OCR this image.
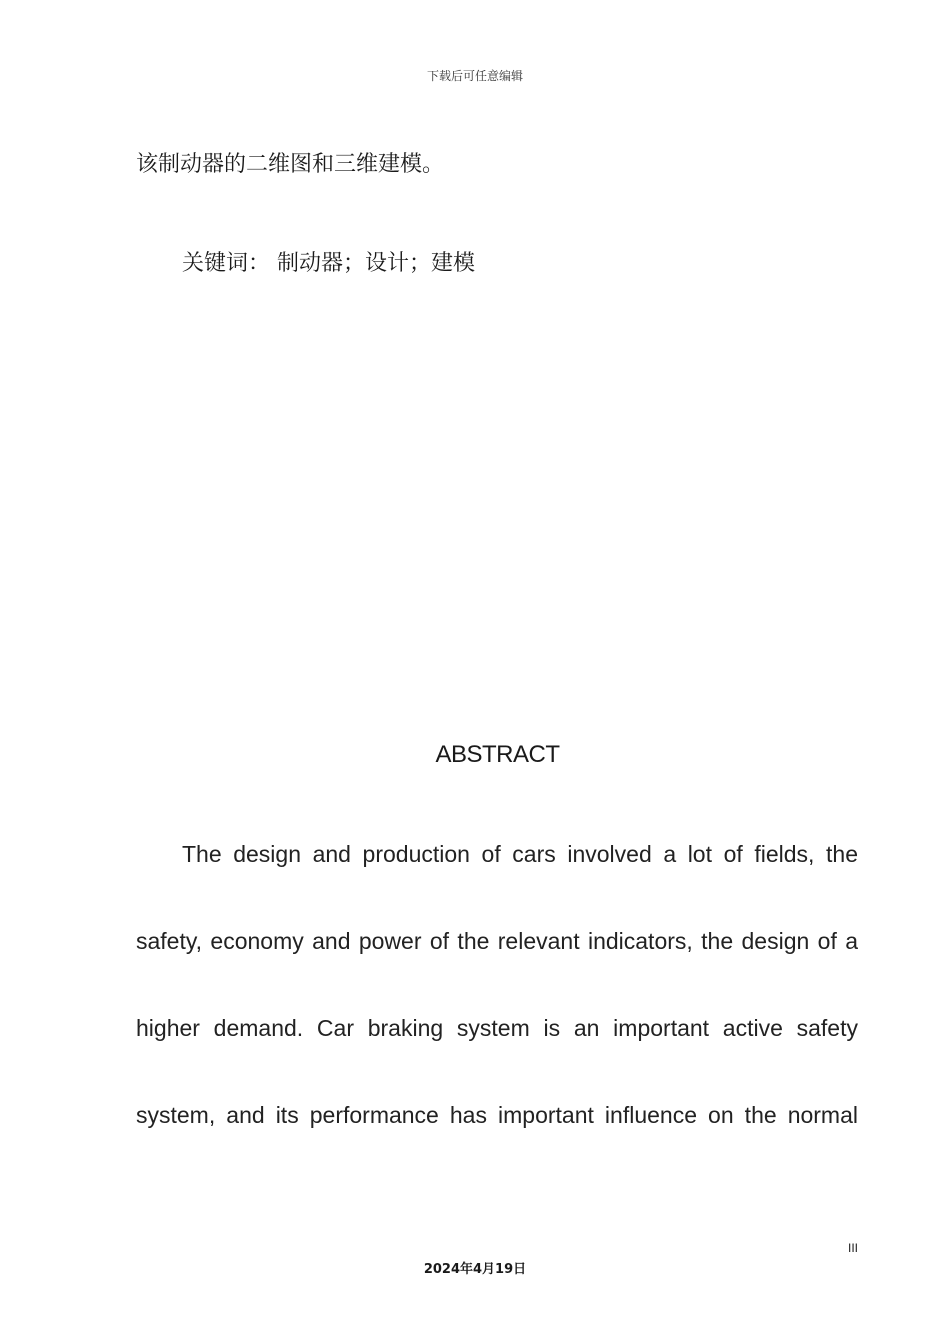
下载后可任意编辑
该制动器的二维图和三维建模。
关键词： 制动器；设计；建模
ABSTRACT
The design and production of cars involved a lot of fields, the
safety, economy and power of the relevant indicators, the design of a
higher demand. Car braking system is an important active safety
system, and its performance has important influence on the normal
III
2024年4月19日
